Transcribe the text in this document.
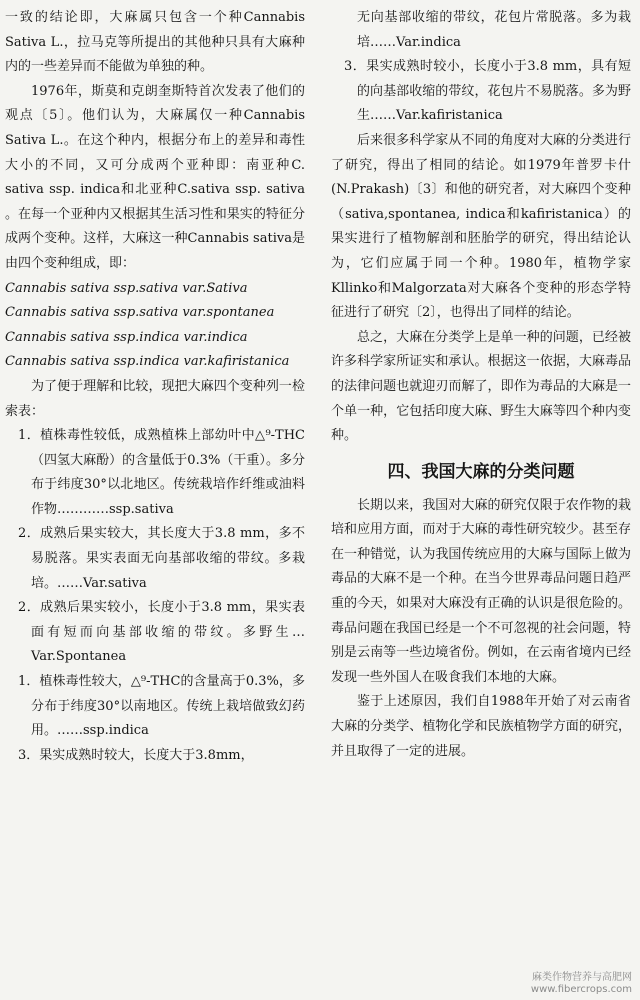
一致的结论即，大麻属只包含一个种Cannabis Sativa L.，拉马克等所提出的其他种只具有大麻种内的一些差异而不能做为单独的种。

1976年，斯莫和克朗奎斯特首次发表了他们的观点〔5〕。他们认为，大麻属仅一种Cannabis Sativa L.。在这个种内，根据分布上的差异和毒性大小的不同，又可分成两个亚种即：南亚种C. sativa ssp. indica和北亚种C.sativa ssp. sativa 。在每一个亚种内又根据其生活习性和果实的特征分成两个变种。这样，大麻这一种Cannabis sativa是由四个变种组成，即：

Cannabis sativa ssp.sativa var.Sativa

Cannabis sativa ssp.sativa var.spontanea

Cannabis sativa ssp.indica var.indica

Cannabis sativa ssp.indica var.kafiristanica

为了便于理解和比较，现把大麻四个变种列一检索表：

1．植株毒性较低，成熟植株上部幼叶中△⁹-THC（四氢大麻酚）的含量低于0.3%（干重）。多分布于纬度30°以北地区。传统栽培作纤维或油料作物…………ssp.sativa

2．成熟后果实较大，其长度大于3.8 mm，多不易脱落。果实表面无向基部收缩的带纹。多栽培。……Var.sativa

2．成熟后果实较小，长度小于3.8 mm，果实表面有短而向基部收缩的带纹。多野生…Var.Spontanea

1．植株毒性较大，△⁹-THC的含量高于0.3%，多分布于纬度30°以南地区。传统上栽培做致幻药用。……ssp.indica

3．果实成熟时较大，长度大于3.8mm，

无向基部收缩的带纹，花包片常脱落。多为栽培……Var.indica

3．果实成熟时较小，长度小于3.8 mm，具有短的向基部收缩的带纹，花包片不易脱落。多为野生……Var.kafiristanica

后来很多科学家从不同的角度对大麻的分类进行了研究，得出了相同的结论。如1979年普罗卡什(N.Prakash)〔3〕和他的研究者，对大麻四个变种（sativa,spontanea, indica和kafiristanica）的果实进行了植物解剖和胚胎学的研究，得出结论认为，它们应属于同一个种。1980年，植物学家Kllinko和Malgorzata对大麻各个变种的形态学特征进行了研究〔2〕，也得出了同样的结论。

总之，大麻在分类学上是单一种的问题，已经被许多科学家所证实和承认。根据这一依据，大麻毒品的法律问题也就迎刃而解了，即作为毒品的大麻是一个单一种，它包括印度大麻、野生大麻等四个种内变种。

四、我国大麻的分类问题

长期以来，我国对大麻的研究仅限于农作物的栽培和应用方面，而对于大麻的毒性研究较少。甚至存在一种错觉，认为我国传统应用的大麻与国际上做为毒品的大麻不是一个种。在当今世界毒品问题日趋严重的今天，如果对大麻没有正确的认识是很危险的。毒品问题在我国已经是一个不可忽视的社会问题，特别是云南等一些边境省份。例如，在云南省境内已经发现一些外国人在吸食我们本地的大麻。

鉴于上述原因，我们自1988年开始了对云南省大麻的分类学、植物化学和民族植物学方面的研究，并且取得了一定的进展。

麻类作物营养与高肥网
www.fibercrops.com
